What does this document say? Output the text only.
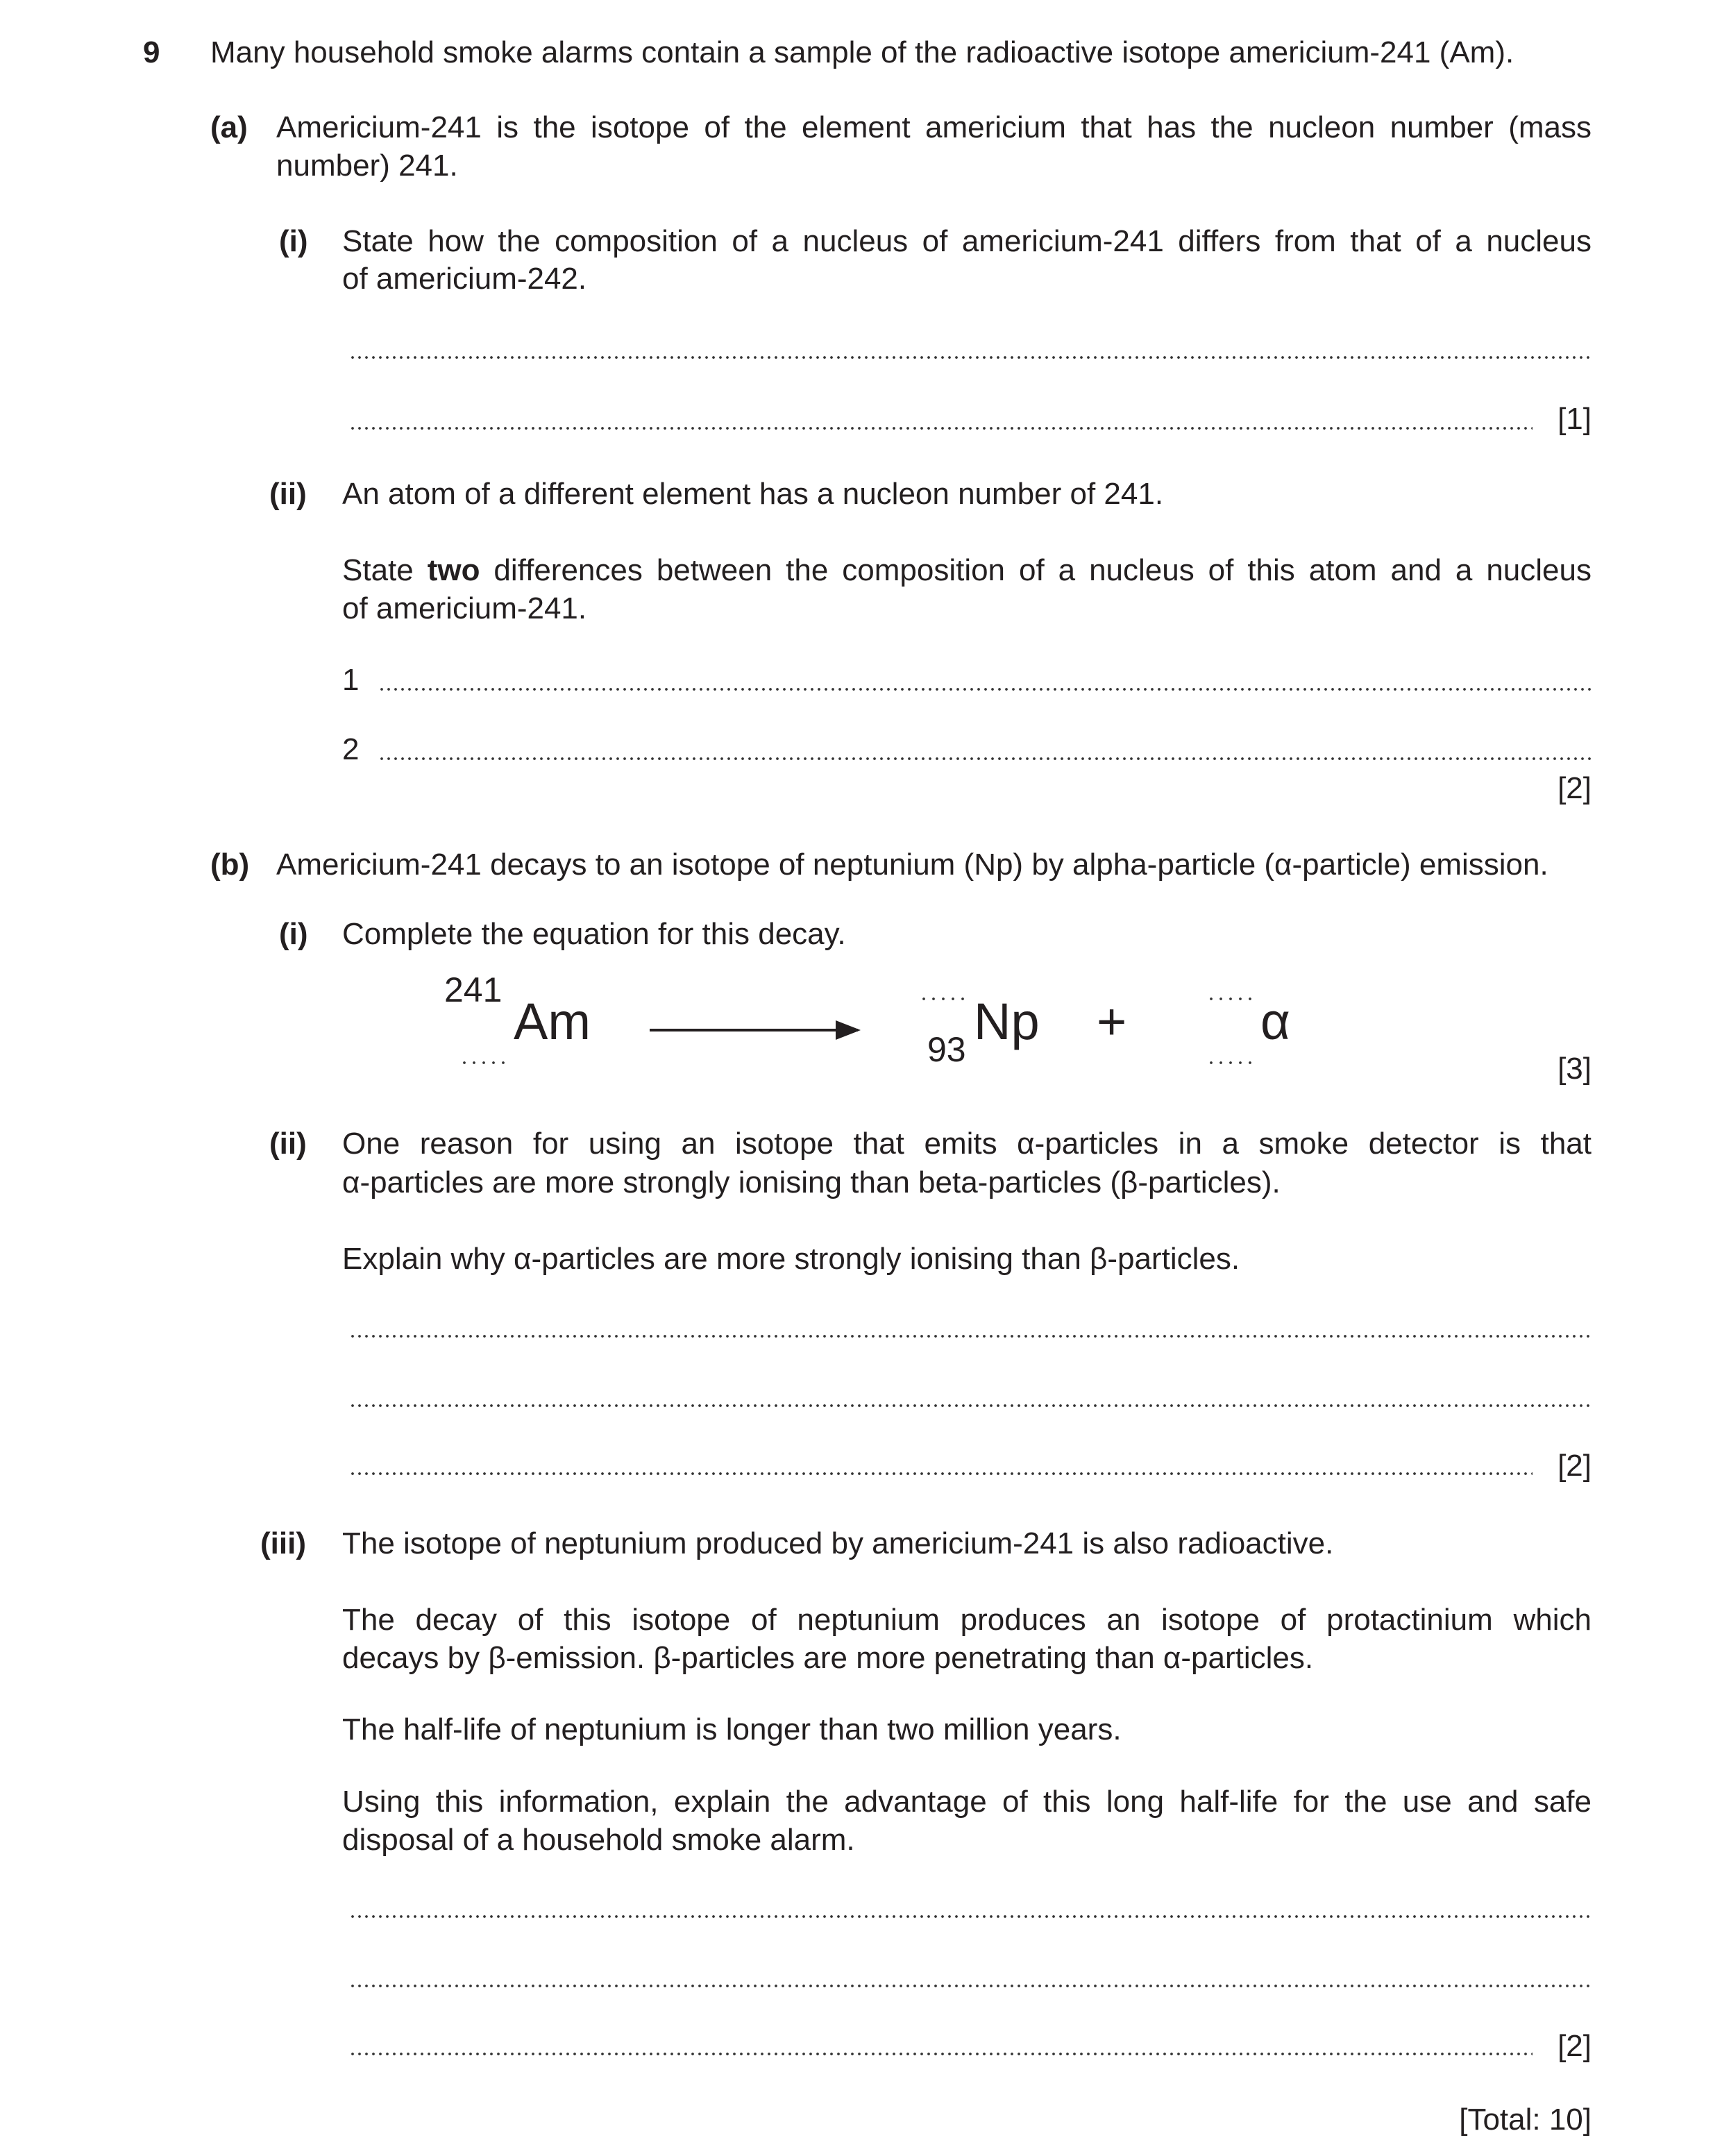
9 Many household smoke alarms contain a sample of the radioactive isotope americium-241 (Am).
(a) Americium-241 is the isotope of the element americium that has the nucleon number (mass
number) 241.
(i) State how the composition of a nucleus of americium-241 differs from that of a nucleus
of americium-242.
[1]
(ii) An atom of a different element has a nucleon number of 241.
State two differences between the composition of a nucleus of this atom and a nucleus
of americium-241.
1
2
[2]
(b) Americium-241 decays to an isotope of neptunium (Np) by alpha-particle (α-particle) emission.
(i) Complete the equation for this decay.
241
Am	93 Np +	α
[3]
(ii) One reason for using an isotope that emits α-particles in a smoke detector is that
α-particles are more strongly ionising than beta-particles (β-particles).
Explain why α-particles are more strongly ionising than β-particles.
[2]
(iii) The isotope of neptunium produced by americium-241 is also radioactive.
The decay of this isotope of neptunium produces an isotope of protactinium which
decays by β-emission. β-particles are more penetrating than α-particles.
The half-life of neptunium is longer than two million years.
Using this information, explain the advantage of this long half-life for the use and safe
disposal of a household smoke alarm.
[2]
[Total: 10]
